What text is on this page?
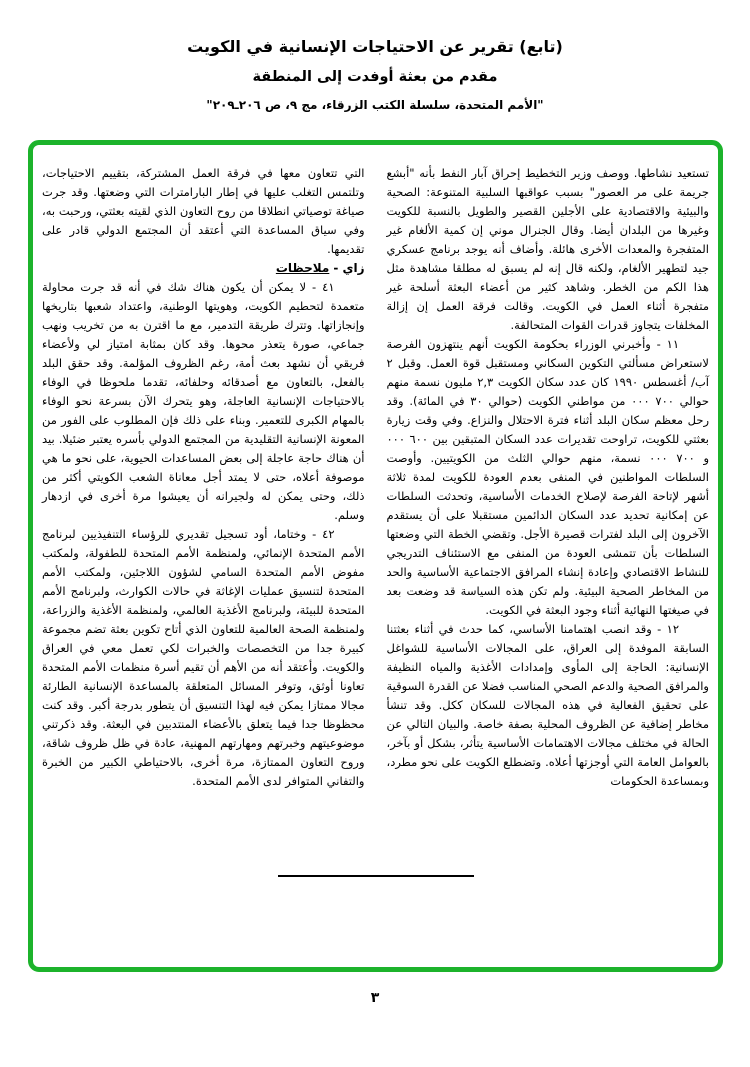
(تابع) تقرير عن الاحتياجات الإنسانية في الكويت
مقدم من بعثة أوفدت إلى المنطقة
"الأمم المتحدة، سلسلة الكتب الزرقاء، مج ٩، ص ٢٠٦ـ٢٠٩"

تستعيد نشاطها. ووصف وزير التخطيط إحراق آبار النفط بأنه "أبشع جريمة على مر العصور" بسبب عواقبها السلبية المتنوعة: الصحية والبيئية والاقتصادية على الأجلين القصير والطويل بالنسبة للكويت وغيرها من البلدان أيضا. وقال الجنرال موني إن كمية الألغام غير المتفجرة والمعدات الأخرى هائلة. وأضاف أنه يوجد برنامج عسكري جيد لتطهير الألغام، ولكنه قال إنه لم يسبق له مطلقا مشاهدة مثل هذا الكم من الخطر. وشاهد كثير من أعضاء البعثة أسلحة غير متفجرة أثناء العمل في الكويت. وقالت فرقة العمل إن إزالة المخلفات يتجاوز قدرات القوات المتحالفة.

١١ - وأخبرني الوزراء بحكومة الكويت أنهم ينتهزون الفرصة لاستعراض مسألتي التكوين السكاني ومستقبل قوة العمل. وقبل ٢ آب/ أغسطس ١٩٩٠ كان عدد سكان الكويت ٢,٣ مليون نسمة منهم حوالي ٧٠٠ ٠٠٠ من مواطني الكويت (حوالي ٣٠ في المائة). وقد رحل معظم سكان البلد أثناء فترة الاحتلال والنزاع. وفي وقت زيارة بعثتي للكويت، تراوحت تقديرات عدد السكان المتبقين بين ٦٠٠ ٠٠٠ و ٧٠٠ ٠٠٠ نسمة، منهم حوالي الثلث من الكويتيين. وأوصت السلطات المواطنين في المنفى بعدم العودة للكويت لمدة ثلاثة أشهر لإتاحة الفرصة لإصلاح الخدمات الأساسية، وتحدثت السلطات عن إمكانية تحديد عدد السكان الدائمين مستقبلا على أن يستقدم الآخرون إلى البلد لفترات قصيرة الأجل. وتقضي الخطة التي وضعتها السلطات بأن تتمشى العودة من المنفى مع الاستئناف التدريجي للنشاط الاقتصادي وإعادة إنشاء المرافق الاجتماعية الأساسية والحد من المخاطر الصحية البيئية. ولم تكن هذه السياسة قد وضعت بعد في صيغتها النهائية أثناء وجود البعثة في الكويت.

١٢ - وقد انصب اهتمامنا الأساسي، كما حدث في أثناء بعثتنا السابقة الموفدة إلى العراق، على المجالات الأساسية للشواغل الإنسانية: الحاجة إلى المأوى وإمدادات الأغذية والمياه النظيفة والمرافق الصحية والدعم الصحي المناسب فضلا عن القدرة السوقية على تحقيق الفعالية في هذه المجالات للسكان ككل. وقد تنشأ مخاطر إضافية عن الظروف المحلية بصفة خاصة. والبيان التالي عن الحالة في مختلف مجالات الاهتمامات الأساسية يتأثر، بشكل أو بآخر، بالعوامل العامة التي أوجزتها أعلاه. وتضطلع الكويت على نحو مطرد، وبمساعدة الحكومات

التي تتعاون معها في فرقة العمل المشتركة، بتقييم الاحتياجات، وتلتمس التغلب عليها في إطار البارامترات التي وضعتها. وقد جرت صياغة توصياتي انطلاقا من روح التعاون الذي لقيته بعثتي، ورحبت به، وفي سياق المساعدة التي أعتقد أن المجتمع الدولي قادر على تقديمها.

زاي -ملاحظات

٤١ - لا يمكن أن يكون هناك شك في أنه قد جرت محاولة متعمدة لتحطيم الكويت، وهويتها الوطنية، واعتداد شعبها بتاريخها وإنجازاتها. وتترك طريقة التدمير، مع ما اقترن به من تخريب ونهب جماعي، صورة يتعذر محوها. وقد كان بمثابة امتياز لي ولأعضاء فريقي أن نشهد بعث أمة، رغم الظروف المؤلمة. وقد حقق البلد بالفعل، بالتعاون مع أصدقائه وحلفائه، تقدما ملحوظا في الوفاء بالاحتياجات الإنسانية العاجلة، وهو يتحرك الآن بسرعة نحو الوفاء بالمهام الكبرى للتعمير. وبناء على ذلك فإن المطلوب على الفور من المعونة الإنسانية التقليدية من المجتمع الدولي بأسره يعتبر ضئيلا. بيد أن هناك حاجة عاجلة إلى بعض المساعدات الحيوية، على نحو ما هي موصوفة أعلاه، حتى لا يمتد أجل معاناة الشعب الكويتي أكثر من ذلك، وحتى يمكن له ولجيرانه أن يعيشوا مرة أخرى في ازدهار وسلم.

٤٢ - وختاما، أود تسجيل تقديري للرؤساء التنفيذيين لبرنامج الأمم المتحدة الإنمائي، ولمنظمة الأمم المتحدة للطفولة، ولمكتب مفوض الأمم المتحدة السامي لشؤون اللاجئين، ولمكتب الأمم المتحدة لتنسيق عمليات الإغاثة في حالات الكوارث، ولبرنامج الأمم المتحدة للبيئة، ولبرنامج الأغذية العالمي، ولمنظمة الأغذية والزراعة، ولمنظمة الصحة العالمية للتعاون الذي أتاح تكوين بعثة تضم مجموعة كبيرة جدا من التخصصات والخبرات لكي تعمل معي في العراق والكويت. وأعتقد أنه من الأهم أن تقيم أسرة منظمات الأمم المتحدة تعاونا أوثق، وتوفر المسائل المتعلقة بالمساعدة الإنسانية الطارئة مجالا ممتازا يمكن فيه لهذا التنسيق أن يتطور بدرجة أكبر. وقد كنت محظوظا جدا فيما يتعلق بالأعضاء المنتدبين في البعثة. وقد ذكرتني موضوعيتهم وخبرتهم ومهارتهم المهنية، عادة في ظل ظروف شاقة، وروح التعاون الممتازة، مرة أخرى، بالاحتياطي الكبير من الخبرة والتفاني المتوافر لدى الأمم المتحدة.

٣
